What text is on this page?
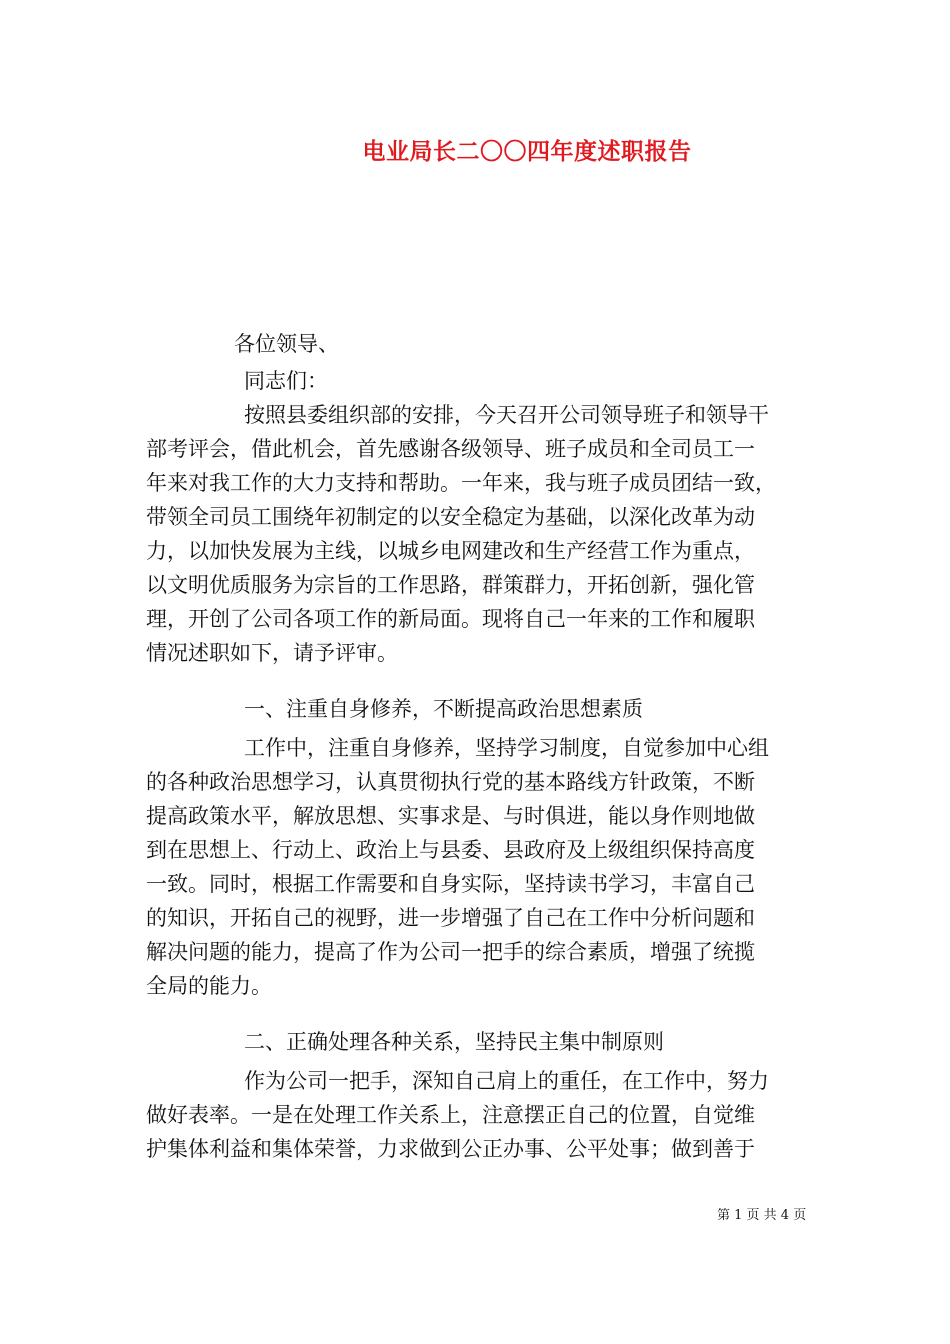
电业局长二〇〇四年度述职报告
各位领导、
同志们：
按照县委组织部的安排，今天召开公司领导班子和领导干
部考评会，借此机会，首先感谢各级领导、班子成员和全司员工一
年来对我工作的大力支持和帮助。一年来，我与班子成员团结一致，
带领全司员工围绕年初制定的以安全稳定为基础，以深化改革为动
力，以加快发展为主线，以城乡电网建改和生产经营工作为重点，
以文明优质服务为宗旨的工作思路，群策群力，开拓创新，强化管
理，开创了公司各项工作的新局面。现将自己一年来的工作和履职
情况述职如下，请予评审。
一、注重自身修养，不断提高政治思想素质
工作中，注重自身修养，坚持学习制度，自觉参加中心组
的各种政治思想学习，认真贯彻执行党的基本路线方针政策，不断
提高政策水平，解放思想、实事求是、与时俱进，能以身作则地做
到在思想上、行动上、政治上与县委、县政府及上级组织保持高度
一致。同时，根据工作需要和自身实际，坚持读书学习，丰富自己
的知识，开拓自己的视野，进一步增强了自己在工作中分析问题和
解决问题的能力，提高了作为公司一把手的综合素质，增强了统揽
全局的能力。
二、正确处理各种关系，坚持民主集中制原则
作为公司一把手，深知自己肩上的重任，在工作中，努力
做好表率。一是在处理工作关系上，注意摆正自己的位置，自觉维
护集体利益和集体荣誉，力求做到公正办事、公平处事；做到善于
第 1 页 共 4 页
